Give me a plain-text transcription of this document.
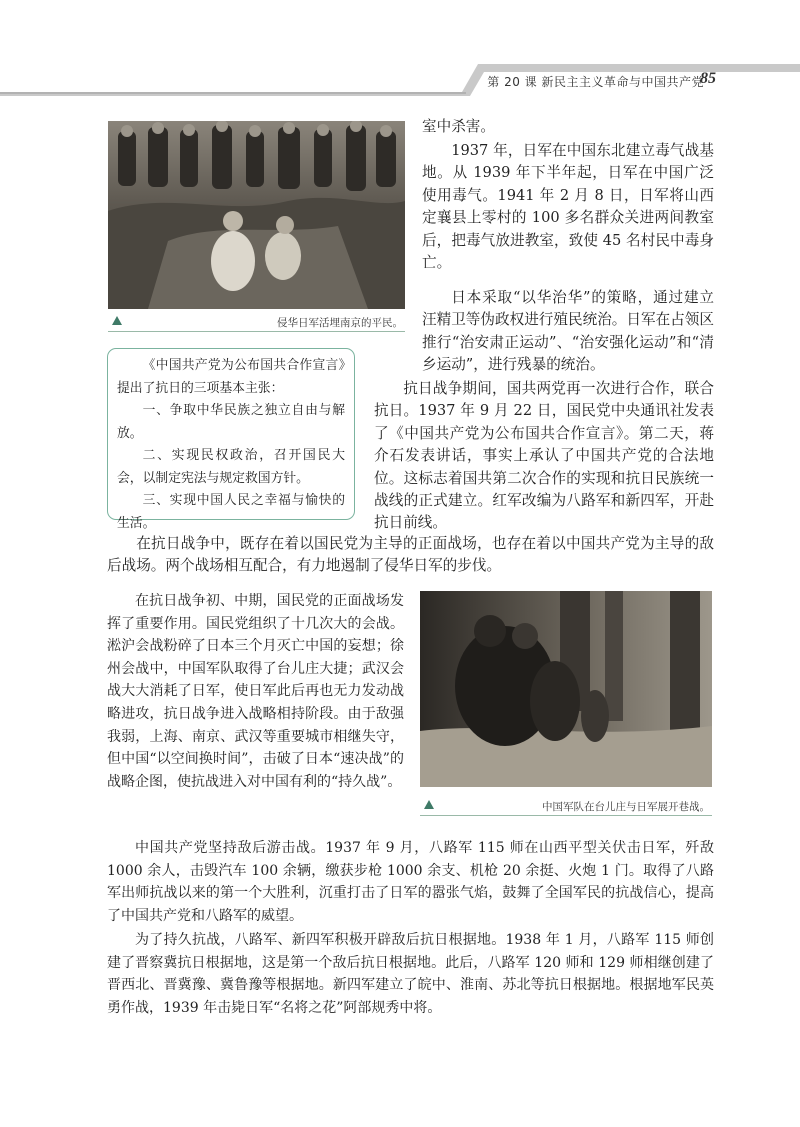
第 20 课 新民主主义革命与中国共产党
85
侵华日军活埋南京的平民。

《中国共产党为公布国共合作宣言》提出了抗日的三项基本主张：

一、争取中华民族之独立自由与解放。

二、实现民权政治，召开国民大会，以制定宪法与规定救国方针。

三、实现中国人民之幸福与愉快的生活。

室中杀害。

1937 年，日军在中国东北建立毒气战基地。从 1939 年下半年起，日军在中国广泛使用毒气。1941 年 2 月 8 日，日军将山西定襄县上零村的 100 多名群众关进两间教室后，把毒气放进教室，致使 45 名村民中毒身亡。

日本采取“以华治华”的策略，通过建立汪精卫等伪政权进行殖民统治。日军在占领区推行“治安肃正运动”、“治安强化运动”和“清乡运动”，进行残暴的统治。

抗日战争期间，国共两党再一次进行合作，联合抗日。1937 年 9 月 22 日，国民党中央通讯社发表了《中国共产党为公布国共合作宣言》。第二天，蒋介石发表讲话，事实上承认了中国共产党的合法地位。这标志着国共第二次合作的实现和抗日民族统一战线的正式建立。红军改编为八路军和新四军，开赴抗日前线。

在抗日战争中，既存在着以国民党为主导的正面战场，也存在着以中国共产党为主导的敌后战场。两个战场相互配合，有力地遏制了侵华日军的步伐。

在抗日战争初、中期，国民党的正面战场发挥了重要作用。国民党组织了十几次大的会战。淞沪会战粉碎了日本三个月灭亡中国的妄想；徐州会战中，中国军队取得了台儿庄大捷；武汉会战大大消耗了日军，使日军此后再也无力发动战略进攻，抗日战争进入战略相持阶段。由于敌强我弱，上海、南京、武汉等重要城市相继失守，但中国“以空间换时间”，击破了日本“速决战”的战略企图，使抗战进入对中国有利的“持久战”。

中国军队在台儿庄与日军展开巷战。

中国共产党坚持敌后游击战。1937 年 9 月，八路军 115 师在山西平型关伏击日军，歼敌 1000 余人，击毁汽车 100 余辆，缴获步枪 1000 余支、机枪 20 余挺、火炮 1 门。取得了八路军出师抗战以来的第一个大胜利，沉重打击了日军的嚣张气焰，鼓舞了全国军民的抗战信心，提高了中国共产党和八路军的威望。

为了持久抗战，八路军、新四军积极开辟敌后抗日根据地。1938 年 1 月，八路军 115 师创建了晋察冀抗日根据地，这是第一个敌后抗日根据地。此后，八路军 120 师和 129 师相继创建了晋西北、晋冀豫、冀鲁豫等根据地。新四军建立了皖中、淮南、苏北等抗日根据地。根据地军民英勇作战，1939 年击毙日军“名将之花”阿部规秀中将。
